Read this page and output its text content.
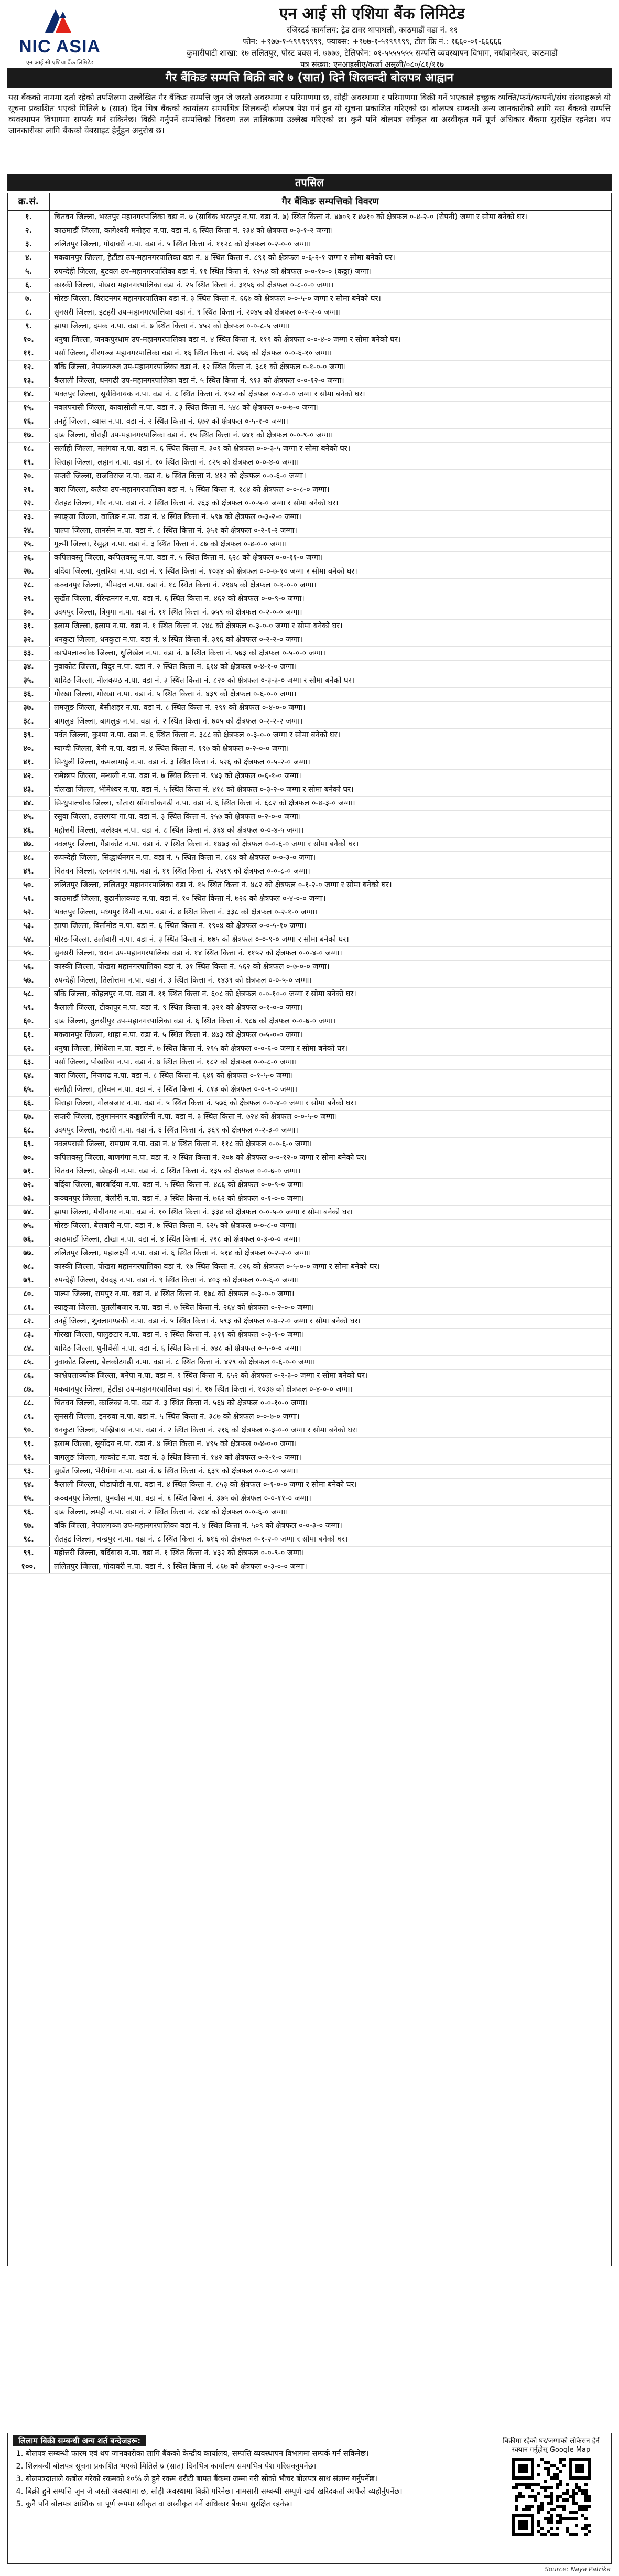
NIC ASIA
एन आई सी एशिया बैंक लिमिटेड
एन आई सी एशिया बैंक लिमिटेड
रजिस्टर्ड कार्यालय: ट्रेड टावर थापाथली, काठमाडौं वडा नं. ११
फोन: +९७७-१-५९९९९९९९, फ्याक्स: +९७७-१-५९९९९९९, टोल फ्रि नं.: १६६०-०१-६६६६६
कुमारीपाटी शाखा: १७ ललितपुर, पोस्ट बक्स नं. ७७७७, टेलिफोन: ०१-५५५५५५५ सम्पत्ति व्यवस्थापन विभाग, नयाँबानेश्वर, काठमाडौं
पत्र संख्या: एनआइसीए/कर्जा असुली/०८०/८१/११७
गैर बैंकिङ सम्पत्ति बिक्री बारे ७ (सात) दिने शिलबन्दी बोलपत्र आह्वान
यस बैंकको नाममा दर्ता रहेको तपशिलमा उल्लेखित गैर बैंकिङ सम्पत्ति जुन जे जस्तो अवस्थामा र परिमाणमा छ, सोही अवस्थामा र परिमाणमा बिक्री गर्ने भएकाले इच्छुक व्यक्ति/फर्म/कम्पनी/संघ संस्थाहरूले यो सूचना प्रकाशित भएको मितिले ७ (सात) दिन भित्र बैंकको कार्यालय समयभित्र शिलबन्दी बोलपत्र पेश गर्न हुन यो सूचना प्रकाशित गरिएको छ। बोलपत्र सम्बन्धी अन्य जानकारीको लागि यस बैंकको सम्पत्ति व्यवस्थापन विभागमा सम्पर्क गर्न सकिनेछ। बिक्री गर्नुपर्ने सम्पत्तिको विवरण तल तालिकामा उल्लेख गरिएको छ। कुनै पनि बोलपत्र स्वीकृत वा अस्वीकृत गर्ने पूर्ण अधिकार बैंकमा सुरक्षित रहनेछ। थप जानकारीका लागि बैंकको वेबसाइट हेर्नुहुन अनुरोध छ।
तपसिल
क्र.सं.	गैर बैंकिङ सम्पत्तिको विवरण
१.	चितवन जिल्ला, भरतपुर महानगरपालिका वडा नं. ७ (साबिक भरतपुर न.पा. वडा नं. ७) स्थित कित्ता नं. ४७०९ र ४७१० को क्षेत्रफल ०-४-२-० (रोपनी) जग्गा र सोमा बनेको घर।
२.	काठमाडौं जिल्ला, कागेश्वरी मनोहरा न.पा. वडा नं. ६ स्थित कित्ता नं. २३४ को क्षेत्रफल ०-३-१-२ जग्गा।
३.	ललितपुर जिल्ला, गोदावरी न.पा. वडा नं. ५ स्थित कित्ता नं. ११२८ को क्षेत्रफल ०-२-०-० जग्गा।
४.	मकवानपुर जिल्ला, हेटौंडा उप-महानगरपालिका वडा नं. ४ स्थित कित्ता नं. ८९१ को क्षेत्रफल ०-६-२-१ जग्गा र सोमा बनेको घर।
५.	रुपन्देही जिल्ला, बुटवल उप-महानगरपालिका वडा नं. ११ स्थित कित्ता नं. १२५४ को क्षेत्रफल ०-०-१०-० (कठ्ठा) जग्गा।
६.	कास्की जिल्ला, पोखरा महानगरपालिका वडा नं. २५ स्थित कित्ता नं. ३१५६ को क्षेत्रफल ०-८-०-० जग्गा।
७.	मोरङ जिल्ला, विराटनगर महानगरपालिका वडा नं. ३ स्थित कित्ता नं. ६६७ को क्षेत्रफल ०-०-५-० जग्गा र सोमा बनेको घर।
८.	सुनसरी जिल्ला, इटहरी उप-महानगरपालिका वडा नं. ९ स्थित कित्ता नं. २०४५ को क्षेत्रफल ०-१-२-० जग्गा।
९.	झापा जिल्ला, दमक न.पा. वडा नं. ७ स्थित कित्ता नं. ४५२ को क्षेत्रफल ०-०-८-५ जग्गा।
१०.	धनुषा जिल्ला, जनकपुरधाम उप-महानगरपालिका वडा नं. ४ स्थित कित्ता नं. ११९ को क्षेत्रफल ०-०-४-० जग्गा र सोमा बनेको घर।
११.	पर्सा जिल्ला, वीरगञ्ज महानगरपालिका वडा नं. १६ स्थित कित्ता नं. २७६ को क्षेत्रफल ०-०-६-१० जग्गा।
१२.	बाँके जिल्ला, नेपालगञ्ज उप-महानगरपालिका वडा नं. १२ स्थित कित्ता नं. ३८१ को क्षेत्रफल ०-१-०-० जग्गा।
१३.	कैलाली जिल्ला, धनगढी उप-महानगरपालिका वडा नं. ५ स्थित कित्ता नं. ९१३ को क्षेत्रफल ०-०-१२-० जग्गा।
१४.	भक्तपुर जिल्ला, सूर्यविनायक न.पा. वडा नं. ८ स्थित कित्ता नं. १५२ को क्षेत्रफल ०-४-०-० जग्गा र सोमा बनेको घर।
१५.	नवलपरासी जिल्ला, कावासोती न.पा. वडा नं. ३ स्थित कित्ता नं. ५४८ को क्षेत्रफल ०-०-७-० जग्गा।
१६.	तनहुँ जिल्ला, व्यास न.पा. वडा नं. २ स्थित कित्ता नं. ६७२ को क्षेत्रफल ०-५-१-० जग्गा।
१७.	दाङ जिल्ला, घोराही उप-महानगरपालिका वडा नं. १५ स्थित कित्ता नं. ७४१ को क्षेत्रफल ०-०-९-० जग्गा।
१८.	सर्लाही जिल्ला, मलंगवा न.पा. वडा नं. ६ स्थित कित्ता नं. ३०९ को क्षेत्रफल ०-०-३-५ जग्गा र सोमा बनेको घर।
१९.	सिराहा जिल्ला, लहान न.पा. वडा नं. १० स्थित कित्ता नं. ८२५ को क्षेत्रफल ०-०-४-० जग्गा।
२०.	सप्तरी जिल्ला, राजविराज न.पा. वडा नं. ७ स्थित कित्ता नं. ४१२ को क्षेत्रफल ०-०-६-० जग्गा।
२१.	बारा जिल्ला, कलैया उप-महानगरपालिका वडा नं. ५ स्थित कित्ता नं. १८४ को क्षेत्रफल ०-०-८-० जग्गा।
२२.	रौतहट जिल्ला, गौर न.पा. वडा नं. २ स्थित कित्ता नं. २६३ को क्षेत्रफल ०-०-५-० जग्गा र सोमा बनेको घर।
२३.	स्याङ्जा जिल्ला, वालिङ न.पा. वडा नं. ४ स्थित कित्ता नं. ५९७ को क्षेत्रफल ०-३-२-० जग्गा।
२४.	पाल्पा जिल्ला, तानसेन न.पा. वडा नं. ८ स्थित कित्ता नं. ३५१ को क्षेत्रफल ०-२-१-२ जग्गा।
२५.	गुल्मी जिल्ला, रेसुङ्गा न.पा. वडा नं. ३ स्थित कित्ता नं. ८७ को क्षेत्रफल ०-४-०-० जग्गा।
२६.	कपिलवस्तु जिल्ला, कपिलवस्तु न.पा. वडा नं. ५ स्थित कित्ता नं. ६२८ को क्षेत्रफल ०-०-११-० जग्गा।
२७.	बर्दिया जिल्ला, गुलरिया न.पा. वडा नं. ९ स्थित कित्ता नं. १०३४ को क्षेत्रफल ०-०-७-१० जग्गा र सोमा बनेको घर।
२८.	कञ्चनपुर जिल्ला, भीमदत्त न.पा. वडा नं. १८ स्थित कित्ता नं. २१४५ को क्षेत्रफल ०-१-०-० जग्गा।
२९.	सुर्खेत जिल्ला, वीरेन्द्रनगर न.पा. वडा नं. ६ स्थित कित्ता नं. ४६२ को क्षेत्रफल ०-०-९-० जग्गा।
३०.	उदयपुर जिल्ला, त्रियुगा न.पा. वडा नं. ११ स्थित कित्ता नं. ७५९ को क्षेत्रफल ०-२-०-० जग्गा।
३१.	इलाम जिल्ला, इलाम न.पा. वडा नं. १ स्थित कित्ता नं. २४८ को क्षेत्रफल ०-३-०-० जग्गा र सोमा बनेको घर।
३२.	धनकुटा जिल्ला, धनकुटा न.पा. वडा नं. ४ स्थित कित्ता नं. ३१६ को क्षेत्रफल ०-२-२-० जग्गा।
३३.	काभ्रेपलाञ्चोक जिल्ला, धुलिखेल न.पा. वडा नं. ७ स्थित कित्ता नं. ५७३ को क्षेत्रफल ०-५-०-० जग्गा।
३४.	नुवाकोट जिल्ला, विदुर न.पा. वडा नं. २ स्थित कित्ता नं. ६१४ को क्षेत्रफल ०-४-१-० जग्गा।
३५.	धादिङ जिल्ला, नीलकण्ठ न.पा. वडा नं. ३ स्थित कित्ता नं. ८२० को क्षेत्रफल ०-३-३-० जग्गा र सोमा बनेको घर।
३६.	गोरखा जिल्ला, गोरखा न.पा. वडा नं. ५ स्थित कित्ता नं. ४३९ को क्षेत्रफल ०-६-०-० जग्गा।
३७.	लमजुङ जिल्ला, बेसीशहर न.पा. वडा नं. ८ स्थित कित्ता नं. २९१ को क्षेत्रफल ०-४-०-० जग्गा।
३८.	बागलुङ जिल्ला, बागलुङ न.पा. वडा नं. २ स्थित कित्ता नं. ७०५ को क्षेत्रफल ०-२-२-२ जग्गा।
३९.	पर्वत जिल्ला, कुश्मा न.पा. वडा नं. ६ स्थित कित्ता नं. ३८८ को क्षेत्रफल ०-३-०-० जग्गा र सोमा बनेको घर।
४०.	म्याग्दी जिल्ला, बेनी न.पा. वडा नं. ४ स्थित कित्ता नं. १९७ को क्षेत्रफल ०-२-०-० जग्गा।
४१.	सिन्धुली जिल्ला, कमलामाई न.पा. वडा नं. ३ स्थित कित्ता नं. ५२६ को क्षेत्रफल ०-५-२-० जग्गा।
४२.	रामेछाप जिल्ला, मन्थली न.पा. वडा नं. ७ स्थित कित्ता नं. ९४३ को क्षेत्रफल ०-६-१-० जग्गा।
४३.	दोलखा जिल्ला, भीमेश्वर न.पा. वडा नं. ५ स्थित कित्ता नं. ४१८ को क्षेत्रफल ०-३-२-० जग्गा र सोमा बनेको घर।
४४.	सिन्धुपाल्चोक जिल्ला, चौतारा साँगाचोकगढी न.पा. वडा नं. ६ स्थित कित्ता नं. ६८२ को क्षेत्रफल ०-४-३-० जग्गा।
४५.	रसुवा जिल्ला, उत्तरगया गा.पा. वडा नं. ३ स्थित कित्ता नं. २५७ को क्षेत्रफल ०-२-०-० जग्गा।
४६.	महोत्तरी जिल्ला, जलेश्वर न.पा. वडा नं. ८ स्थित कित्ता नं. ३६४ को क्षेत्रफल ०-०-४-५ जग्गा।
४७.	नवलपुर जिल्ला, गैंडाकोट न.पा. वडा नं. २ स्थित कित्ता नं. १४७३ को क्षेत्रफल ०-०-६-० जग्गा र सोमा बनेको घर।
४८.	रूपन्देही जिल्ला, सिद्धार्थनगर न.पा. वडा नं. ५ स्थित कित्ता नं. ८६४ को क्षेत्रफल ०-०-३-० जग्गा।
४९.	चितवन जिल्ला, रत्ननगर न.पा. वडा नं. ११ स्थित कित्ता नं. २५१९ को क्षेत्रफल ०-०-८-० जग्गा।
५०.	ललितपुर जिल्ला, ललितपुर महानगरपालिका वडा नं. १५ स्थित कित्ता नं. ४८२ को क्षेत्रफल ०-१-२-० जग्गा र सोमा बनेको घर।
५१.	काठमाडौं जिल्ला, बुढानीलकण्ठ न.पा. वडा नं. १० स्थित कित्ता नं. ७२६ को क्षेत्रफल ०-४-०-० जग्गा।
५२.	भक्तपुर जिल्ला, मध्यपुर थिमी न.पा. वडा नं. ४ स्थित कित्ता नं. ३३८ को क्षेत्रफल ०-२-१-० जग्गा।
५३.	झापा जिल्ला, बिर्तामोड न.पा. वडा नं. ६ स्थित कित्ता नं. १९०४ को क्षेत्रफल ०-०-५-१० जग्गा।
५४.	मोरङ जिल्ला, उर्लाबारी न.पा. वडा नं. ३ स्थित कित्ता नं. ७७५ को क्षेत्रफल ०-०-९-० जग्गा र सोमा बनेको घर।
५५.	सुनसरी जिल्ला, धरान उप-महानगरपालिका वडा नं. १४ स्थित कित्ता नं. ११५२ को क्षेत्रफल ०-०-४-० जग्गा।
५६.	कास्की जिल्ला, पोखरा महानगरपालिका वडा नं. ३१ स्थित कित्ता नं. ५६२ को क्षेत्रफल ०-७-०-० जग्गा।
५७.	रुपन्देही जिल्ला, तिलोत्तमा न.पा. वडा नं. ३ स्थित कित्ता नं. १४३९ को क्षेत्रफल ०-०-५-० जग्गा।
५८.	बाँके जिल्ला, कोहलपुर न.पा. वडा नं. ११ स्थित कित्ता नं. ६०८ को क्षेत्रफल ०-०-१०-० जग्गा र सोमा बनेको घर।
५९.	कैलाली जिल्ला, टीकापुर न.पा. वडा नं. ९ स्थित कित्ता नं. ३२१ को क्षेत्रफल ०-१-०-० जग्गा।
६०.	दाङ जिल्ला, तुलसीपुर उप-महानगरपालिका वडा नं. ६ स्थित कित्ता नं. ९८७ को क्षेत्रफल ०-०-७-० जग्गा।
६१.	मकवानपुर जिल्ला, थाहा न.पा. वडा नं. ५ स्थित कित्ता नं. ४७३ को क्षेत्रफल ०-५-०-० जग्गा।
६२.	धनुषा जिल्ला, मिथिला न.पा. वडा नं. ७ स्थित कित्ता नं. २९५ को क्षेत्रफल ०-०-६-० जग्गा र सोमा बनेको घर।
६३.	पर्सा जिल्ला, पोखरिया न.पा. वडा नं. ४ स्थित कित्ता नं. १८२ को क्षेत्रफल ०-०-८-० जग्गा।
६४.	बारा जिल्ला, निजगढ न.पा. वडा नं. ८ स्थित कित्ता नं. ६४१ को क्षेत्रफल ०-१-५-० जग्गा।
६५.	सर्लाही जिल्ला, हरिवन न.पा. वडा नं. २ स्थित कित्ता नं. ८१३ को क्षेत्रफल ०-०-९-० जग्गा।
६६.	सिराहा जिल्ला, गोलबजार न.पा. वडा नं. ५ स्थित कित्ता नं. ५७६ को क्षेत्रफल ०-०-४-० जग्गा र सोमा बनेको घर।
६७.	सप्तरी जिल्ला, हनुमाननगर कङ्कालिनी न.पा. वडा नं. ३ स्थित कित्ता नं. ७२४ को क्षेत्रफल ०-०-५-० जग्गा।
६८.	उदयपुर जिल्ला, कटारी न.पा. वडा नं. ६ स्थित कित्ता नं. ३६९ को क्षेत्रफल ०-२-३-० जग्गा।
६९.	नवलपरासी जिल्ला, रामग्राम न.पा. वडा नं. ४ स्थित कित्ता नं. ११८ को क्षेत्रफल ०-०-६-० जग्गा।
७०.	कपिलवस्तु जिल्ला, बाणगंगा न.पा. वडा नं. २ स्थित कित्ता नं. २०७ को क्षेत्रफल ०-०-१२-० जग्गा र सोमा बनेको घर।
७१.	चितवन जिल्ला, खैरहनी न.पा. वडा नं. ८ स्थित कित्ता नं. १३५ को क्षेत्रफल ०-०-७-० जग्गा।
७२.	बर्दिया जिल्ला, बारबर्दिया न.पा. वडा नं. ५ स्थित कित्ता नं. ४८६ को क्षेत्रफल ०-०-९-० जग्गा।
७३.	कञ्चनपुर जिल्ला, बेलौरी न.पा. वडा नं. ३ स्थित कित्ता नं. ७६२ को क्षेत्रफल ०-१-०-० जग्गा।
७४.	झापा जिल्ला, मेचीनगर न.पा. वडा नं. १० स्थित कित्ता नं. ३३४ को क्षेत्रफल ०-०-५-० जग्गा र सोमा बनेको घर।
७५.	मोरङ जिल्ला, बेलबारी न.पा. वडा नं. ७ स्थित कित्ता नं. ६२५ को क्षेत्रफल ०-०-८-० जग्गा।
७६.	काठमाडौं जिल्ला, टोखा न.पा. वडा नं. ४ स्थित कित्ता नं. २९८ को क्षेत्रफल ०-३-०-० जग्गा।
७७.	ललितपुर जिल्ला, महालक्ष्मी न.पा. वडा नं. ६ स्थित कित्ता नं. ५१४ को क्षेत्रफल ०-२-२-० जग्गा।
७८.	कास्की जिल्ला, पोखरा महानगरपालिका वडा नं. १७ स्थित कित्ता नं. ८२६ को क्षेत्रफल ०-५-०-० जग्गा र सोमा बनेको घर।
७९.	रुपन्देही जिल्ला, देवदह न.पा. वडा नं. ९ स्थित कित्ता नं. ४०३ को क्षेत्रफल ०-०-६-० जग्गा।
८०.	पाल्पा जिल्ला, रामपुर न.पा. वडा नं. ४ स्थित कित्ता नं. १७८ को क्षेत्रफल ०-३-०-० जग्गा।
८१.	स्याङ्जा जिल्ला, पुतलीबजार न.पा. वडा नं. ७ स्थित कित्ता नं. २६४ को क्षेत्रफल ०-२-०-० जग्गा।
८२.	तनहुँ जिल्ला, शुक्लागण्डकी न.पा. वडा नं. ५ स्थित कित्ता नं. ५९३ को क्षेत्रफल ०-४-२-० जग्गा र सोमा बनेको घर।
८३.	गोरखा जिल्ला, पालुङटार न.पा. वडा नं. २ स्थित कित्ता नं. ३११ को क्षेत्रफल ०-३-१-० जग्गा।
८४.	धादिङ जिल्ला, धुनीबेंसी न.पा. वडा नं. ६ स्थित कित्ता नं. ७४८ को क्षेत्रफल ०-५-०-० जग्गा।
८५.	नुवाकोट जिल्ला, बेलकोटगढी न.पा. वडा नं. ८ स्थित कित्ता नं. ४२९ को क्षेत्रफल ०-६-०-० जग्गा।
८६.	काभ्रेपलाञ्चोक जिल्ला, बनेपा न.पा. वडा नं. ९ स्थित कित्ता नं. ६५२ को क्षेत्रफल ०-२-३-० जग्गा र सोमा बनेको घर।
८७.	मकवानपुर जिल्ला, हेटौंडा उप-महानगरपालिका वडा नं. १७ स्थित कित्ता नं. १०३७ को क्षेत्रफल ०-४-०-० जग्गा।
८८.	चितवन जिल्ला, कालिका न.पा. वडा नं. ३ स्थित कित्ता नं. ५६४ को क्षेत्रफल ०-०-१०-० जग्गा।
८९.	सुनसरी जिल्ला, इनरुवा न.पा. वडा नं. ५ स्थित कित्ता नं. ३८७ को क्षेत्रफल ०-०-७-० जग्गा।
९०.	धनकुटा जिल्ला, पाख्रिबास न.पा. वडा नं. २ स्थित कित्ता नं. २१६ को क्षेत्रफल ०-३-०-० जग्गा र सोमा बनेको घर।
९१.	इलाम जिल्ला, सूर्योदय न.पा. वडा नं. ४ स्थित कित्ता नं. ४९५ को क्षेत्रफल ०-४-०-० जग्गा।
९२.	बागलुङ जिल्ला, गल्कोट न.पा. वडा नं. ३ स्थित कित्ता नं. १४२ को क्षेत्रफल ०-२-१-० जग्गा।
९३.	सुर्खेत जिल्ला, भेरीगंगा न.पा. वडा नं. ७ स्थित कित्ता नं. ६३९ को क्षेत्रफल ०-०-८-० जग्गा।
९४.	कैलाली जिल्ला, घोडाघोडी न.पा. वडा नं. ४ स्थित कित्ता नं. ८५३ को क्षेत्रफल ०-१-०-० जग्गा र सोमा बनेको घर।
९५.	कञ्चनपुर जिल्ला, पुनर्वास न.पा. वडा नं. ६ स्थित कित्ता नं. ३७५ को क्षेत्रफल ०-०-११-० जग्गा।
९६.	दाङ जिल्ला, लमही न.पा. वडा नं. २ स्थित कित्ता नं. २८४ को क्षेत्रफल ०-०-६-० जग्गा।
९७.	बाँके जिल्ला, नेपालगञ्ज उप-महानगरपालिका वडा नं. ४ स्थित कित्ता नं. ५०९ को क्षेत्रफल ०-०-३-० जग्गा।
९८.	रौतहट जिल्ला, चन्द्रपुर न.पा. वडा नं. ८ स्थित कित्ता नं. ७१६ को क्षेत्रफल ०-१-२-० जग्गा र सोमा बनेको घर।
९९.	महोत्तरी जिल्ला, बर्दिबास न.पा. वडा नं. १ स्थित कित्ता नं. ४३२ को क्षेत्रफल ०-०-९-० जग्गा।
१००.	ललितपुर जिल्ला, गोदावरी न.पा. वडा नं. ९ स्थित कित्ता नं. ८६७ को क्षेत्रफल ०-३-०-० जग्गा।
लिलाम बिक्री सम्बन्धी अन्य शर्त बन्देजहरू:
1. बोलपत्र सम्बन्धी फारम एवं थप जानकारीका लागि बैंकको केन्द्रीय कार्यालय, सम्पत्ति व्यवस्थापन विभागमा सम्पर्क गर्न सकिनेछ।
2. शिलबन्दी बोलपत्र सूचना प्रकाशित भएको मितिले ७ (सात) दिनभित्र कार्यालय समयभित्र पेश गरिसक्नुपर्नेछ।
3. बोलपत्रदाताले कबोल गरेको रकमको १०% ले हुने रकम धरौटी बापत बैंकमा जम्मा गरी सोको भौचर बोलपत्र साथ संलग्न गर्नुपर्नेछ।
4. बिक्री हुने सम्पत्ति जुन जे जस्तो अवस्थामा छ, सोही अवस्थामा बिक्री गरिनेछ। नामसारी सम्बन्धी सम्पूर्ण खर्च खरिदकर्ता आफैंले व्यहोर्नुपर्नेछ।
5. कुनै पनि बोलपत्र आंशिक वा पूर्ण रूपमा स्वीकृत वा अस्वीकृत गर्ने अधिकार बैंकमा सुरक्षित रहनेछ।
बिक्रीमा रहेको घर/जग्गाको लोकेसन हेर्न स्क्यान गर्नुहोस् Google Map
Source: Naya Patrika
